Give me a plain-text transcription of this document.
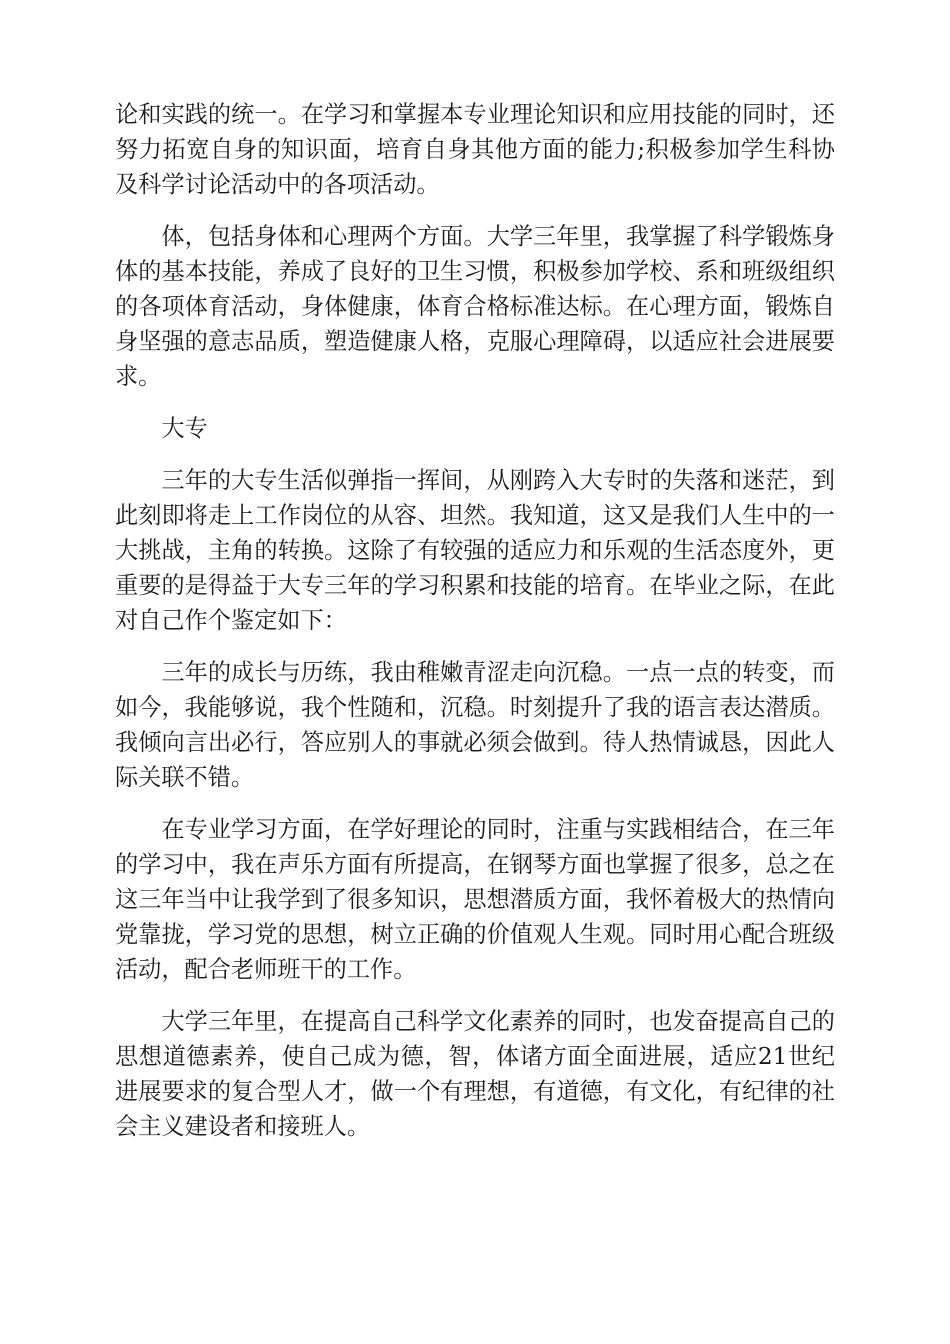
论和实践的统一。在学习和掌握本专业理论知识和应用技能的同时，还努力拓宽自身的知识面，培育自身其他方面的能力;积极参加学生科协及科学讨论活动中的各项活动。

体，包括身体和心理两个方面。大学三年里，我掌握了科学锻炼身体的基本技能，养成了良好的卫生习惯，积极参加学校、系和班级组织的各项体育活动，身体健康，体育合格标准达标。在心理方面，锻炼自身坚强的意志品质，塑造健康人格，克服心理障碍，以适应社会进展要求。

大专

三年的大专生活似弹指一挥间，从刚跨入大专时的失落和迷茫，到此刻即将走上工作岗位的从容、坦然。我知道，这又是我们人生中的一大挑战，主角的转换。这除了有较强的适应力和乐观的生活态度外，更重要的是得益于大专三年的学习积累和技能的培育。在毕业之际，在此对自己作个鉴定如下：

三年的成长与历练，我由稚嫩青涩走向沉稳。一点一点的转变，而如今，我能够说，我个性随和，沉稳。时刻提升了我的语言表达潜质。我倾向言出必行，答应别人的事就必须会做到。待人热情诚恳，因此人际关联不错。

在专业学习方面，在学好理论的同时，注重与实践相结合，在三年的学习中，我在声乐方面有所提高，在钢琴方面也掌握了很多，总之在这三年当中让我学到了很多知识，思想潜质方面，我怀着极大的热情向党靠拢，学习党的思想，树立正确的价值观人生观。同时用心配合班级活动，配合老师班干的工作。

大学三年里，在提高自己科学文化素养的同时，也发奋提高自己的思想道德素养，使自己成为德，智，体诸方面全面进展，适应21世纪进展要求的复合型人才，做一个有理想，有道德，有文化，有纪律的社会主义建设者和接班人。
